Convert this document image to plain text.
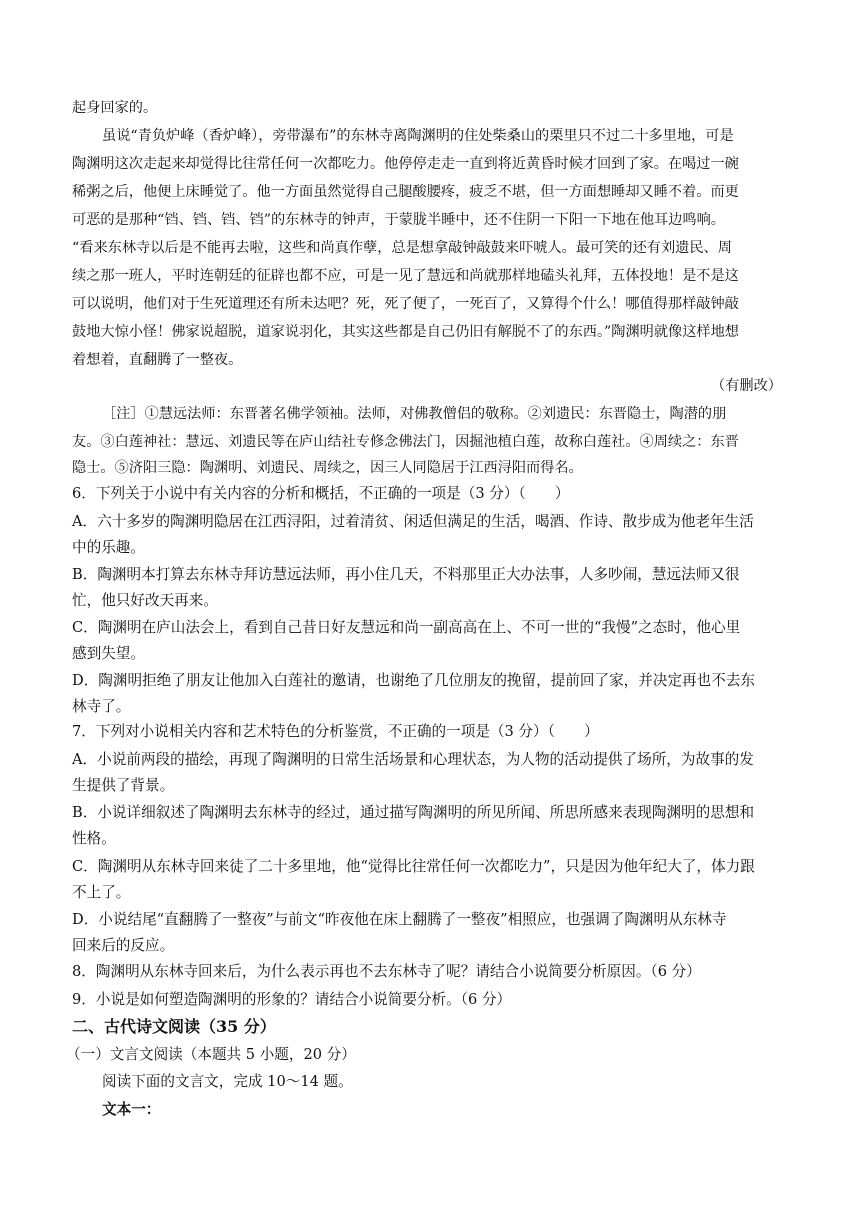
起身回家的。
虽说“青负炉峰（香炉峰），旁带瀑布”的东林寺离陶渊明的住处柴桑山的栗里只不过二十多里地，可是
陶渊明这次走起来却觉得比往常任何一次都吃力。他停停走走一直到将近黄昏时候才回到了家。在喝过一碗
稀粥之后，他便上床睡觉了。他一方面虽然觉得自己腿酸腰疼，疲乏不堪，但一方面想睡却又睡不着。而更
可恶的是那种“铛、铛、铛、铛”的东林寺的钟声，于蒙胧半睡中，还不住阴一下阳一下地在他耳边鸣响。
“看来东林寺以后是不能再去啦，这些和尚真作孽，总是想拿敲钟敲鼓来吓唬人。最可笑的还有刘遗民、周
续之那一班人，平时连朝廷的征辟也都不应，可是一见了慧远和尚就那样地磕头礼拜，五体投地！是不是这
可以说明，他们对于生死道理还有所未达吧？死，死了便了，一死百了，又算得个什么！哪值得那样敲钟敲
鼓地大惊小怪！佛家说超脱，道家说羽化，其实这些都是自己仍旧有解脱不了的东西。”陶渊明就像这样地想
着想着，直翻腾了一整夜。
（有删改）
［注］①慧远法师：东晋著名佛学领袖。法师，对佛教僧侣的敬称。②刘遗民：东晋隐士，陶潜的朋
友。③白莲神社：慧远、刘遗民等在庐山结社专修念佛法门，因掘池植白莲，故称白莲社。④周续之：东晋
隐士。⑤济阳三隐：陶渊明、刘遗民、周续之，因三人同隐居于江西浔阳而得名。
6．下列关于小说中有关内容的分析和概括，不正确的一项是（3 分）（　　）
A．六十多岁的陶渊明隐居在江西浔阳，过着清贫、闲适但满足的生活，喝酒、作诗、散步成为他老年生活
中的乐趣。
B．陶渊明本打算去东林寺拜访慧远法师，再小住几天，不料那里正大办法事，人多吵闹，慧远法师又很
忙，他只好改天再来。
C．陶渊明在庐山法会上，看到自己昔日好友慧远和尚一副高高在上、不可一世的“我慢”之态时，他心里
感到失望。
D．陶渊明拒绝了朋友让他加入白莲社的邀请，也谢绝了几位朋友的挽留，提前回了家，并决定再也不去东
林寺了。
7．下列对小说相关内容和艺术特色的分析鉴赏，不正确的一项是（3 分）（　　）
A．小说前两段的描绘，再现了陶渊明的日常生活场景和心理状态，为人物的活动提供了场所，为故事的发
生提供了背景。
B．小说详细叙述了陶渊明去东林寺的经过，通过描写陶渊明的所见所闻、所思所感来表现陶渊明的思想和
性格。
C．陶渊明从东林寺回来徒了二十多里地，他“觉得比往常任何一次都吃力”，只是因为他年纪大了，体力跟
不上了。
D．小说结尾“直翻腾了一整夜”与前文“昨夜他在床上翻腾了一整夜”相照应，也强调了陶渊明从东林寺
回来后的反应。
8．陶渊明从东林寺回来后，为什么表示再也不去东林寺了呢？请结合小说简要分析原因。（6 分）
9．小说是如何塑造陶渊明的形象的？请结合小说简要分析。（6 分）
二、古代诗文阅读（35 分）
（一）文言文阅读（本题共 5 小题，20 分）
阅读下面的文言文，完成 10～14 题。
文本一：
